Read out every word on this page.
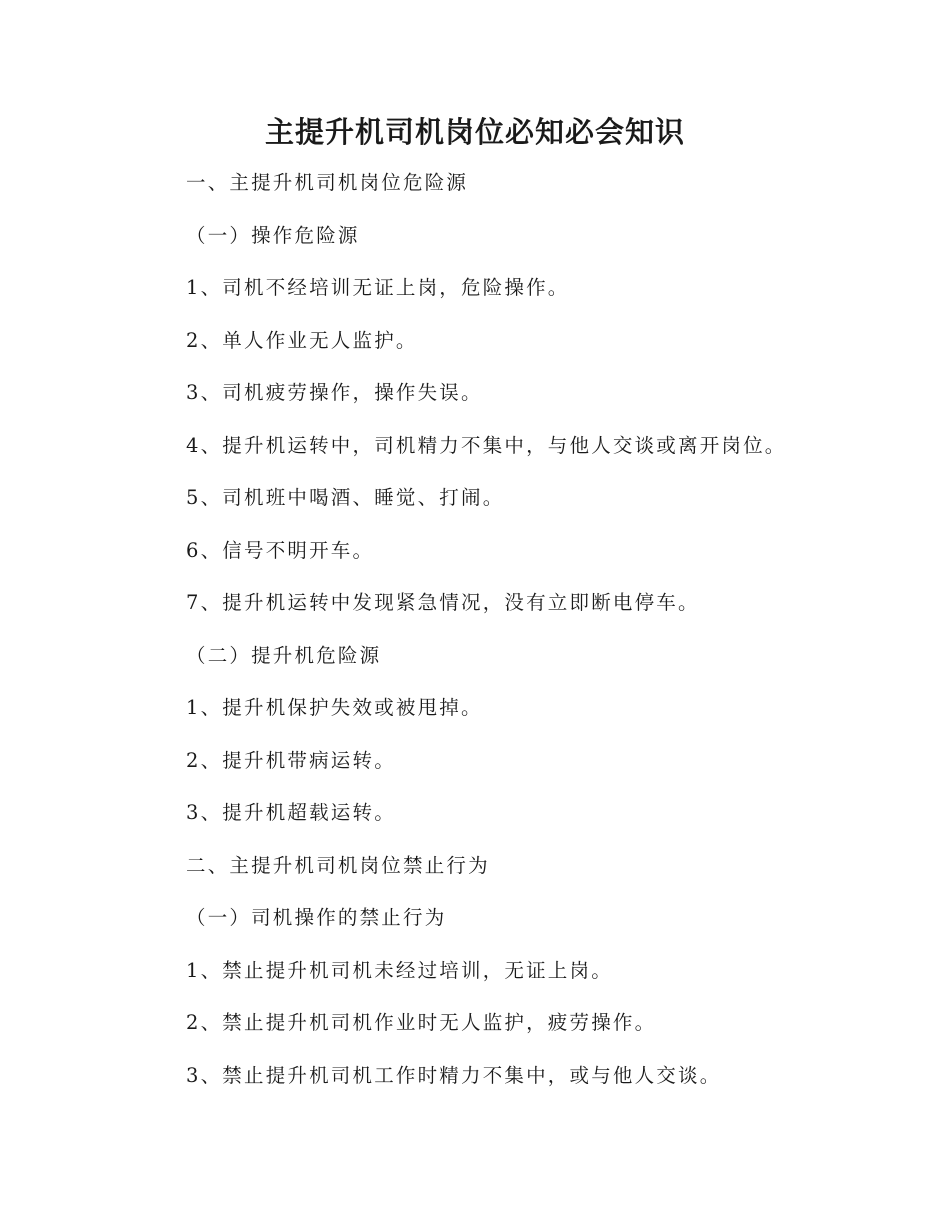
主提升机司机岗位必知必会知识
一、主提升机司机岗位危险源
（一）操作危险源
1、司机不经培训无证上岗，危险操作。
2、单人作业无人监护。
3、司机疲劳操作，操作失误。
4、提升机运转中，司机精力不集中，与他人交谈或离开岗位。
5、司机班中喝酒、睡觉、打闹。
6、信号不明开车。
7、提升机运转中发现紧急情况，没有立即断电停车。
（二）提升机危险源
1、提升机保护失效或被甩掉。
2、提升机带病运转。
3、提升机超载运转。
二、主提升机司机岗位禁止行为
（一）司机操作的禁止行为
1、禁止提升机司机未经过培训，无证上岗。
2、禁止提升机司机作业时无人监护，疲劳操作。
3、禁止提升机司机工作时精力不集中，或与他人交谈。
